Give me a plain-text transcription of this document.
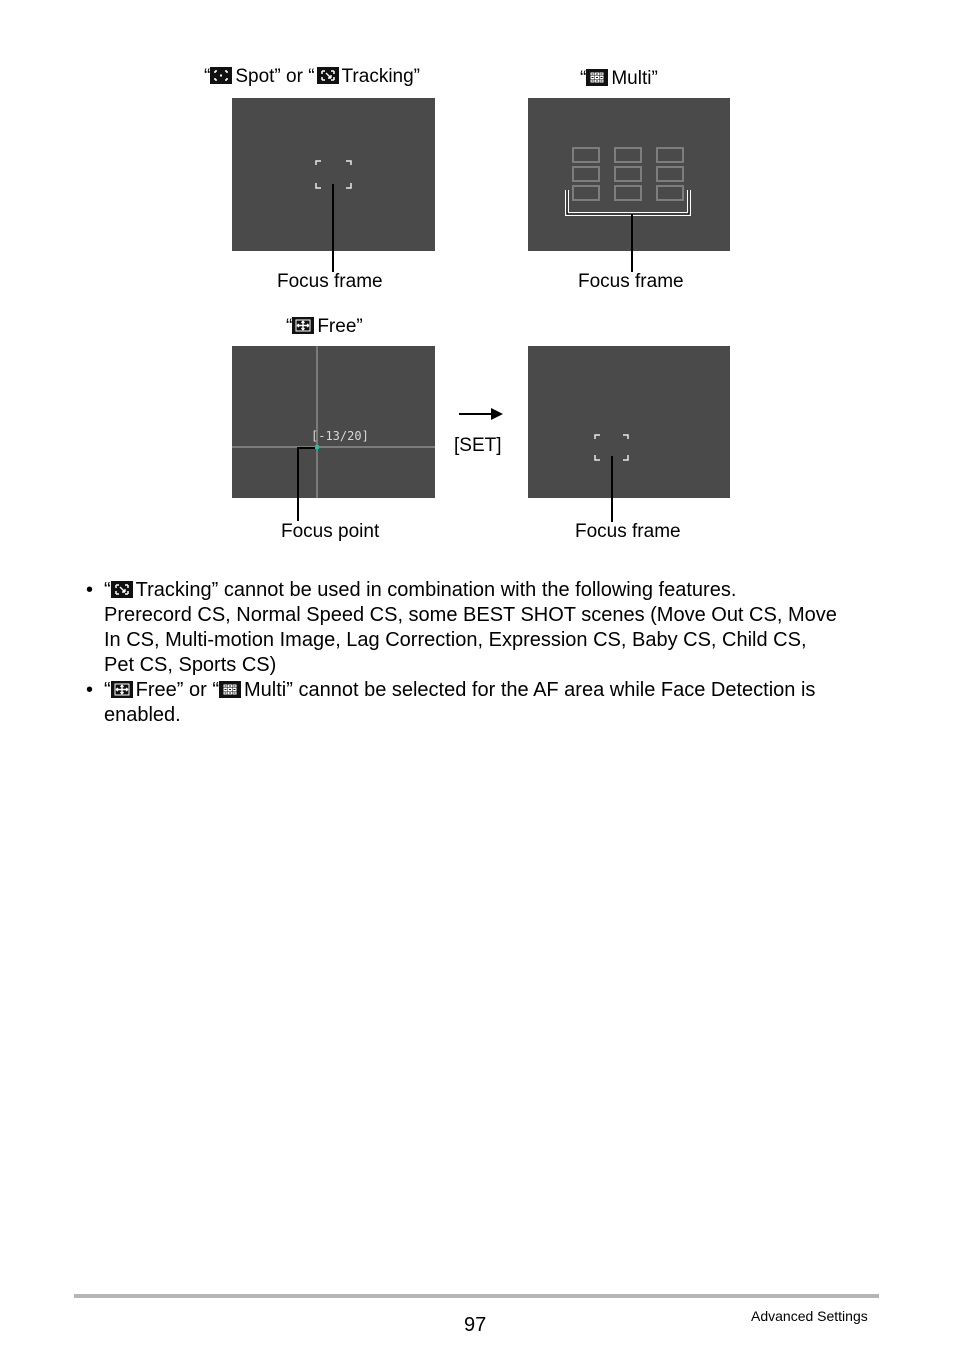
“ Spot” or “ Tracking”	“ Multi”
“ Free”
Focus frame	Focus frame
[-13/20]
Focus point
[SET]
Focus frame
• “ Tracking” cannot be used in combination with the following features.
Prerecord CS, Normal Speed CS, some BEST SHOT scenes (Move Out CS, Move
In CS, Multi-motion Image, Lag Correction, Expression CS, Baby CS, Child CS,
Pet CS, Sports CS)
• “ Free” or “ Multi” cannot be selected for the AF area while Face Detection is
enabled.
97	Advanced Settings
